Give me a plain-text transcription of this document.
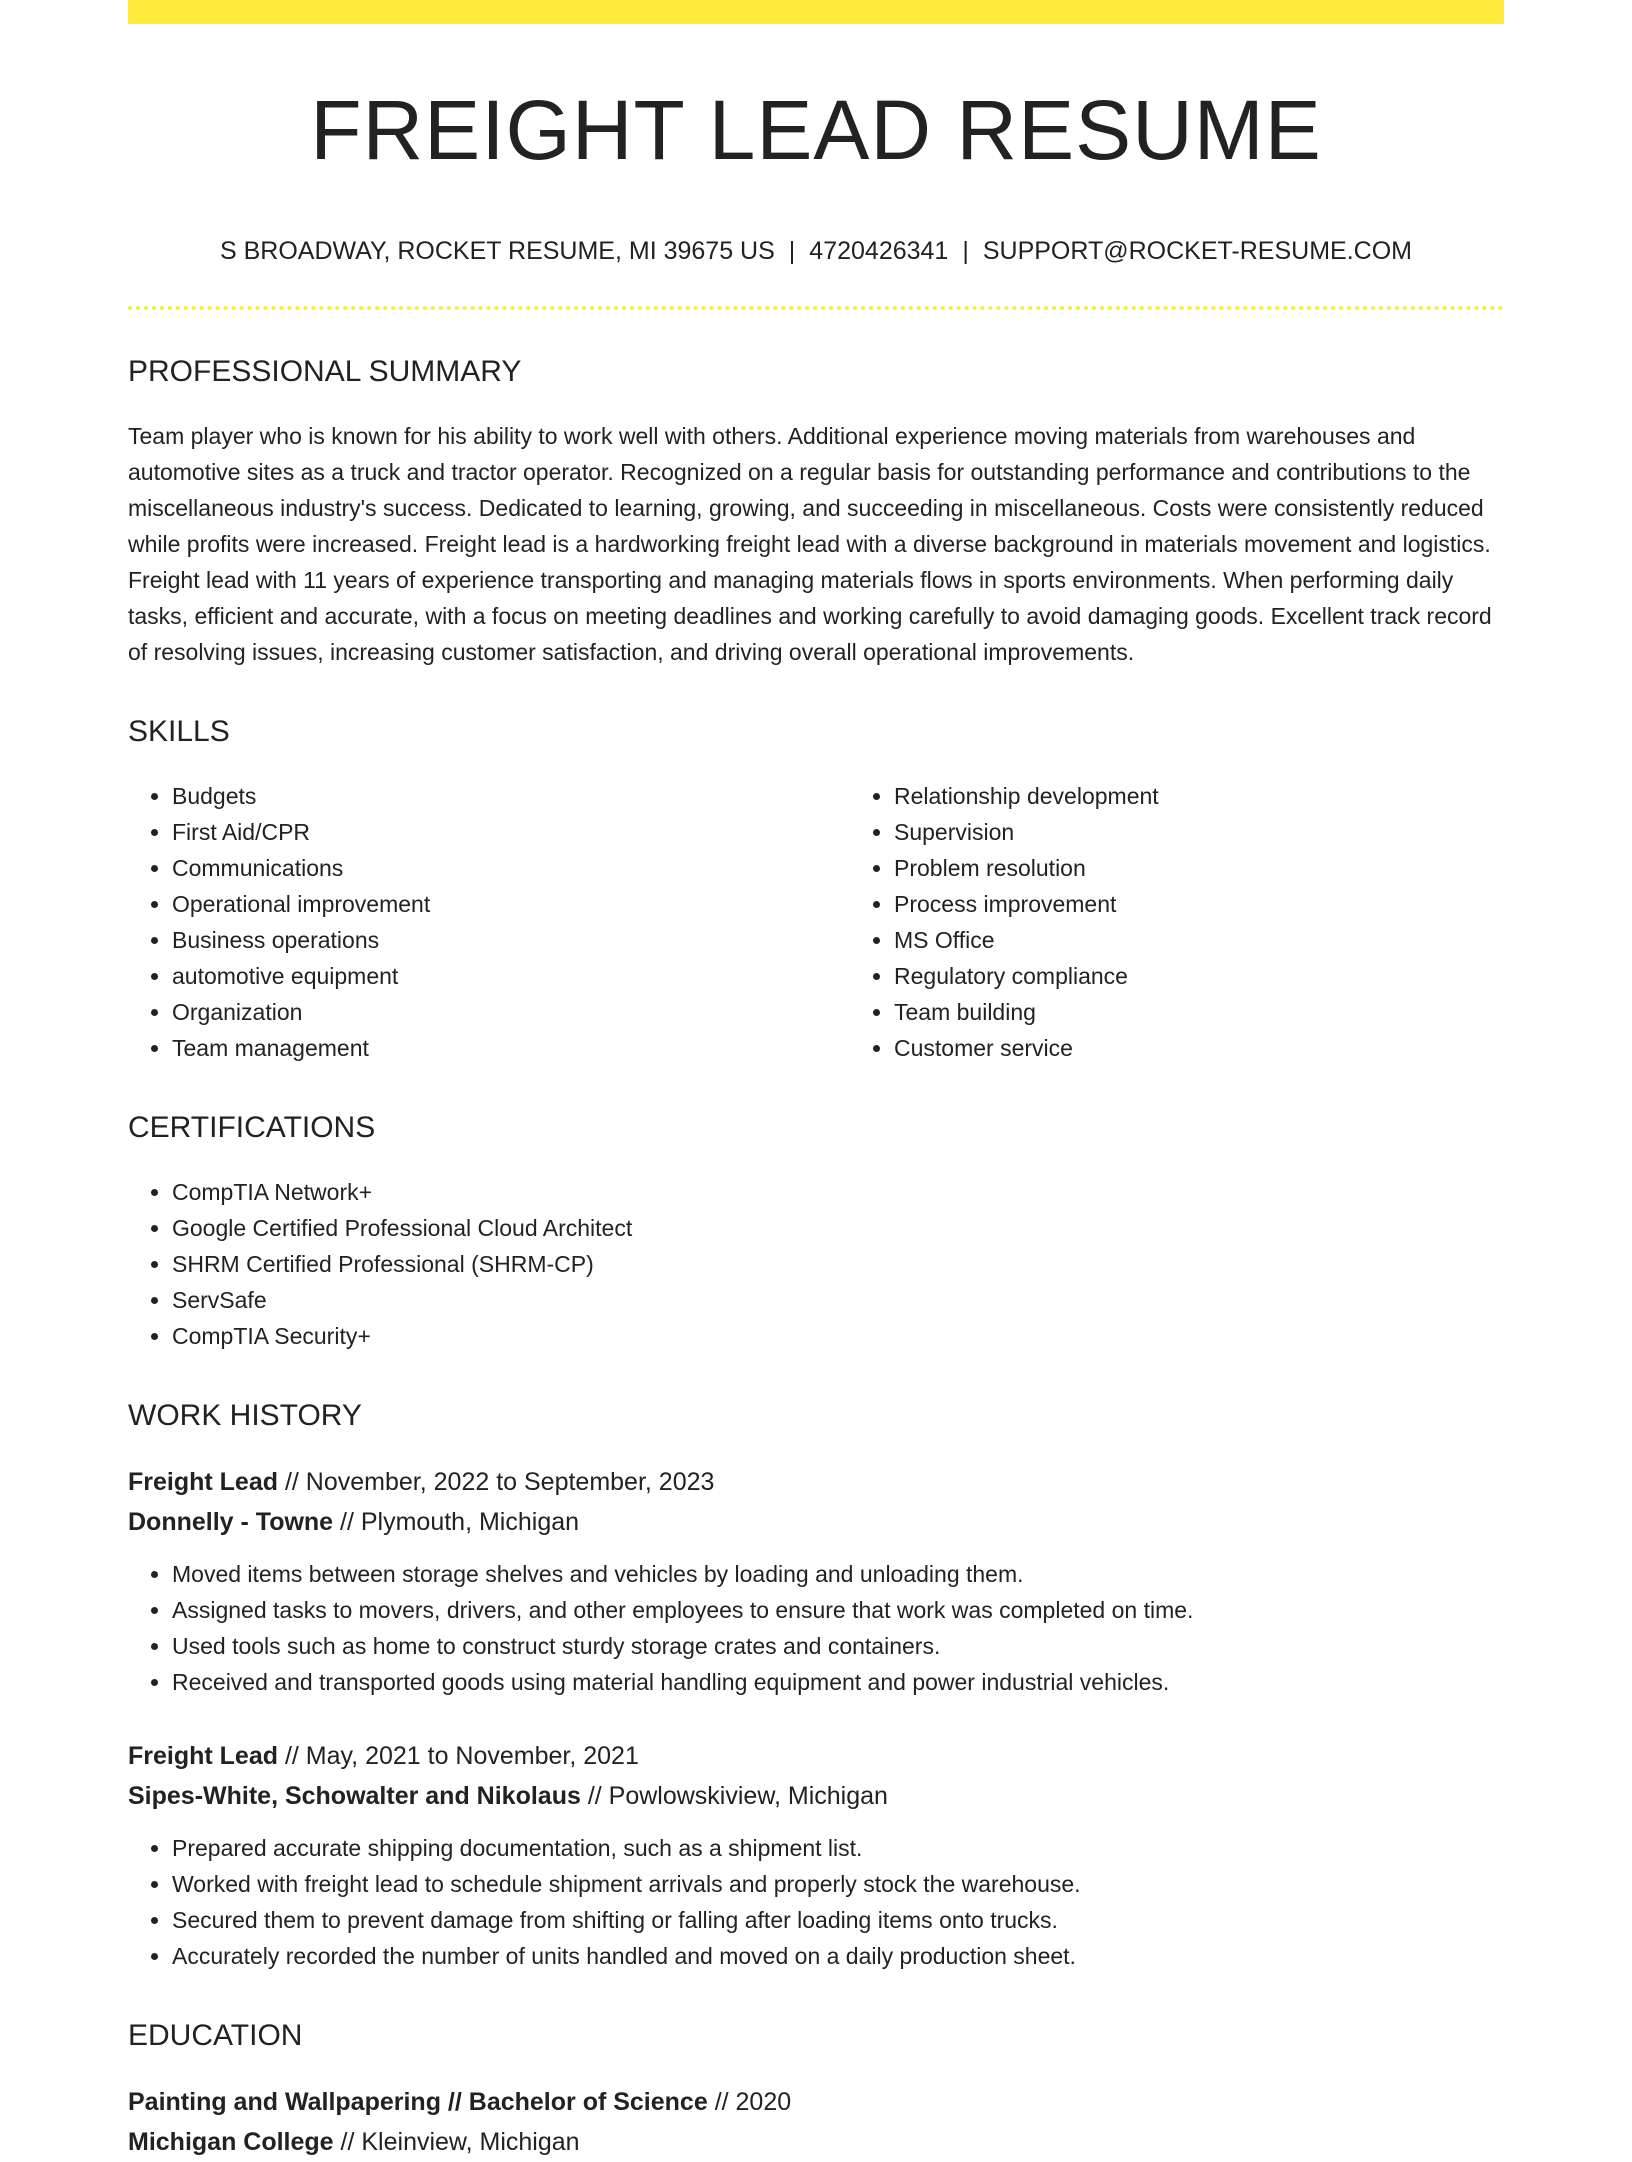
FREIGHT LEAD RESUME
S BROADWAY, ROCKET RESUME, MI 39675 US | 4720426341 | SUPPORT@ROCKET-RESUME.COM
PROFESSIONAL SUMMARY

Team player who is known for his ability to work well with others. Additional experience moving materials from warehouses and automotive sites as a truck and tractor operator. Recognized on a regular basis for outstanding performance and contributions to the miscellaneous industry's success. Dedicated to learning, growing, and succeeding in miscellaneous. Costs were consistently reduced while profits were increased. Freight lead is a hardworking freight lead with a diverse background in materials movement and logistics. Freight lead with 11 years of experience transporting and managing materials flows in sports environments. When performing daily tasks, efficient and accurate, with a focus on meeting deadlines and working carefully to avoid damaging goods. Excellent track record of resolving issues, increasing customer satisfaction, and driving overall operational improvements.

SKILLS
• Budgets
• First Aid/CPR
• Communications
• Operational improvement
• Business operations
• automotive equipment
• Organization
• Team management
• Relationship development
• Supervision
• Problem resolution
• Process improvement
• MS Office
• Regulatory compliance
• Team building
• Customer service
CERTIFICATIONS
• CompTIA Network+
• Google Certified Professional Cloud Architect
• SHRM Certified Professional (SHRM-CP)
• ServSafe
• CompTIA Security+
WORK HISTORY
Freight Lead // November, 2022 to September, 2023
Donnelly - Towne // Plymouth, Michigan
• Moved items between storage shelves and vehicles by loading and unloading them.
• Assigned tasks to movers, drivers, and other employees to ensure that work was completed on time.
• Used tools such as home to construct sturdy storage crates and containers.
• Received and transported goods using material handling equipment and power industrial vehicles.
Freight Lead // May, 2021 to November, 2021
Sipes-White, Schowalter and Nikolaus // Powlowskiview, Michigan
• Prepared accurate shipping documentation, such as a shipment list.
• Worked with freight lead to schedule shipment arrivals and properly stock the warehouse.
• Secured them to prevent damage from shifting or falling after loading items onto trucks.
• Accurately recorded the number of units handled and moved on a daily production sheet.
EDUCATION
Painting and Wallpapering // Bachelor of Science // 2020
Michigan College // Kleinview, Michigan
